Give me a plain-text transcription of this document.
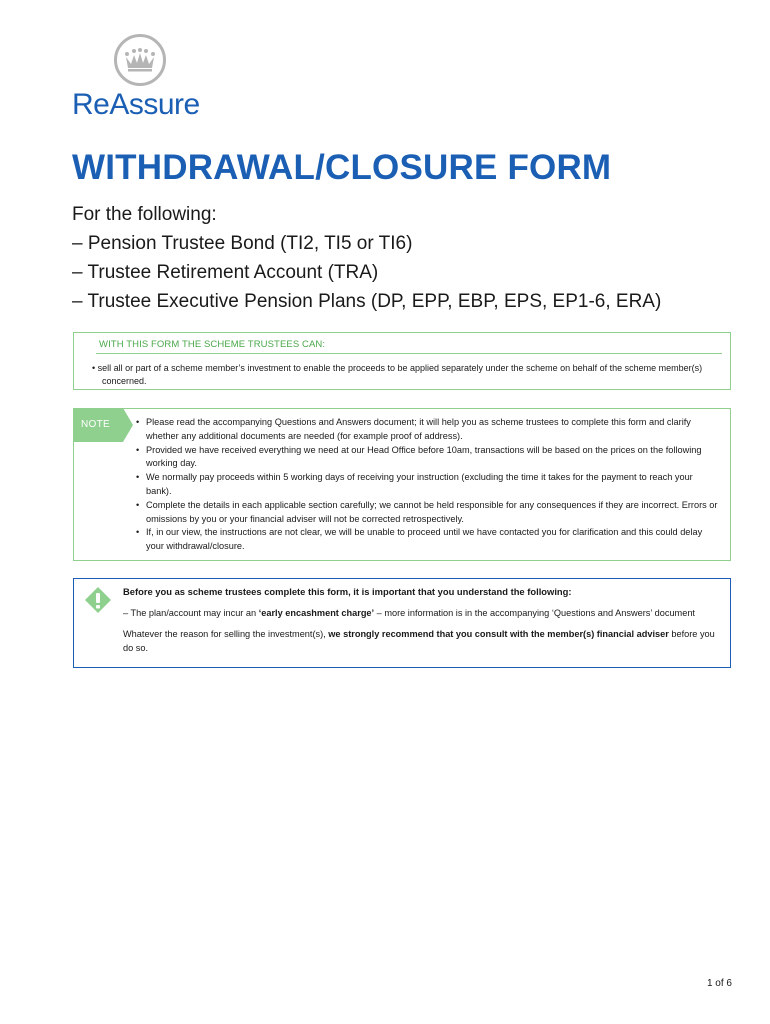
ReAssure
WITHDRAWAL/CLOSURE FORM
For the following:
– Pension Trustee Bond (TI2, TI5 or TI6)
– Trustee Retirement Account (TRA)
– Trustee Executive Pension Plans (DP, EPP, EBP, EPS, EP1-6, ERA)
WITH THIS FORM THE SCHEME TRUSTEES CAN:
• sell all or part of a scheme member’s investment to enable the proceeds to be applied separately under the scheme on behalf of the scheme member(s) concerned.
NOTE
•	Please read the accompanying Questions and Answers document; it will help you as scheme trustees to complete this form and clarify whether any additional documents are needed (for example proof of address).
• Provided we have received everything we need at our Head Office before 10am, transactions will be based on the prices on the following working day.
• We normally pay proceeds within 5 working days of receiving your instruction (excluding the time it takes for the payment to reach your bank).
• Complete the details in each applicable section carefully; we cannot be held responsible for any consequences if they are incorrect. Errors or omissions by you or your financial adviser will not be corrected retrospectively.
• If, in our view, the instructions are not clear, we will be unable to proceed until we have contacted you for clarification and this could delay your withdrawal/closure.
Before you as scheme trustees complete this form, it is important that you understand the following:
– The plan/account may incur an ‘early encashment charge’ – more information is in the accompanying ‘Questions and Answers’ document
Whatever the reason for selling the investment(s), we strongly recommend that you consult with the member(s) financial adviser before you do so.
1 of 6
